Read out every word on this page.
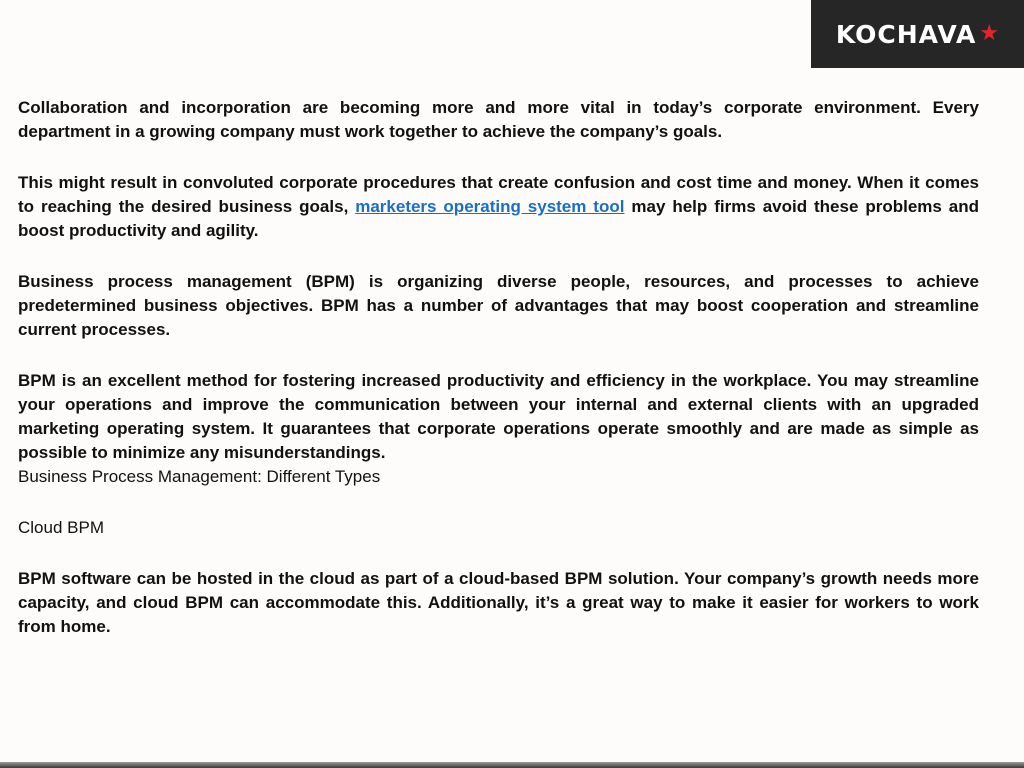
KOCHAVA ★

Collaboration and incorporation are becoming more and more vital in today’s corporate environment. Every department in a growing company must work together to achieve the company’s goals.

This might result in convoluted corporate procedures that create confusion and cost time and money. When it comes to reaching the desired business goals, marketers operating system tool may help firms avoid these problems and boost productivity and agility.

Business process management (BPM) is organizing diverse people, resources, and processes to achieve predetermined business objectives. BPM has a number of advantages that may boost cooperation and streamline current processes.

BPM is an excellent method for fostering increased productivity and efficiency in the workplace. You may streamline your operations and improve the communication between your internal and external clients with an upgraded marketing operating system. It guarantees that corporate operations operate smoothly and are made as simple as possible to minimize any misunderstandings.

Business Process Management: Different Types

Cloud BPM

BPM software can be hosted in the cloud as part of a cloud-based BPM solution. Your company’s growth needs more capacity, and cloud BPM can accommodate this. Additionally, it’s a great way to make it easier for workers to work from home.
